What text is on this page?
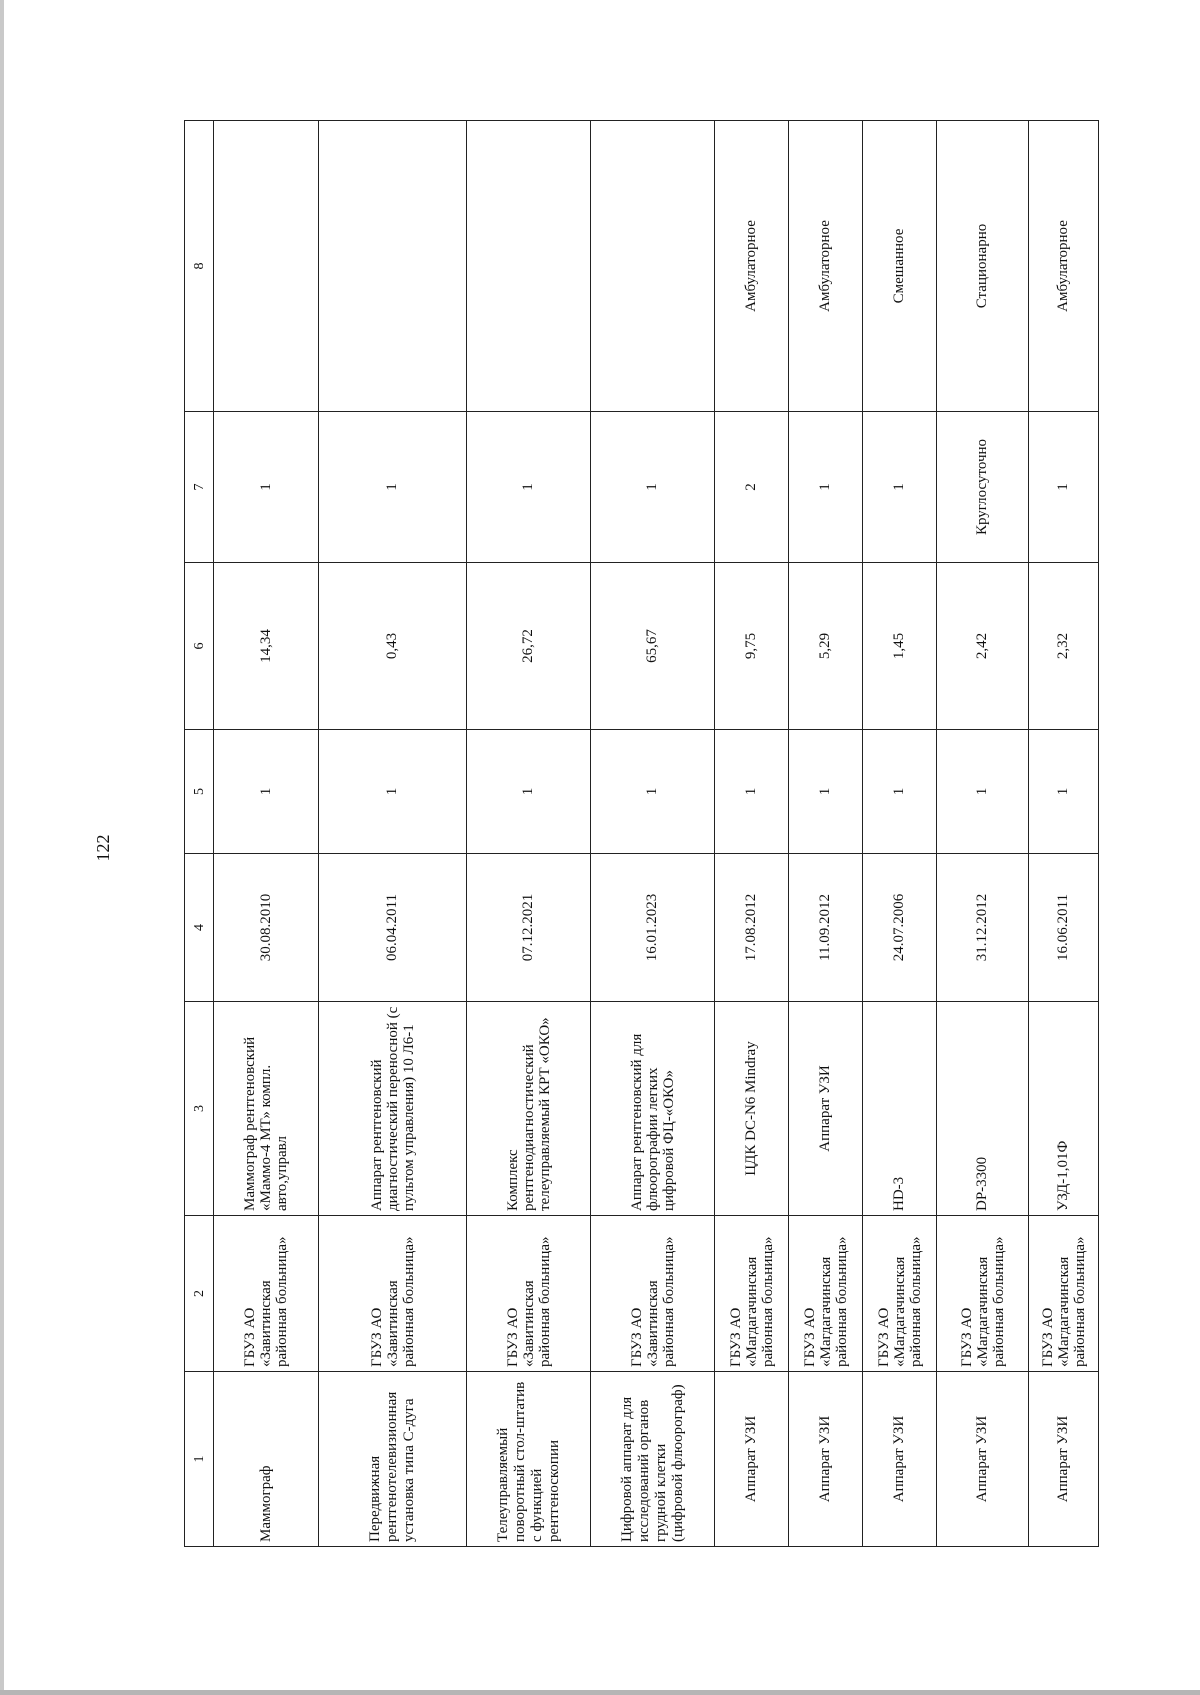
122
1	2	3	4	5	6	7	8
Маммограф	ГБУЗ АО «Завитинская районная больница»	Маммограф рентгеновский «Маммо-4 МТ» компл. авто,управл	30.08.2010	1	14,34	1	
Передвижная рентгенотелевизионная установка типа С-дуга	ГБУЗ АО «Завитинская районная больница»	Аппарат рентгеновский диагностический переносной (с пультом управления) 10 Л6-1	06.04.2011	1	0,43	1	
Телеуправляемый поворотный стол-штатив с функцией рентгеноскопии	ГБУЗ АО «Завитинская районная больница»	Комплекс рентгенодиагностический телеуправляемый КРТ «ОКО»	07.12.2021	1	26,72	1	
Цифровой аппарат для исследований органов грудной клетки (цифровой флюорограф)	ГБУЗ АО «Завитинская районная больница»	Аппарат рентгеновский для флюорографии легких цифровой ФЦ-«ОКО»	16.01.2023	1	65,67	1	
Аппарат УЗИ	ГБУЗ АО «Магдагачинская районная больница»	ЦДК DC-N6 Mindray	17.08.2012	1	9,75	2	Амбулаторное
Аппарат УЗИ	ГБУЗ АО «Магдагачинская районная больница»	Аппарат УЗИ	11.09.2012	1	5,29	1	Амбулаторное
Аппарат УЗИ	ГБУЗ АО «Магдагачинская районная больница»	HD-3	24.07.2006	1	1,45	1	Смешанное
Аппарат УЗИ	ГБУЗ АО «Магдагачинская районная больница»	DP-3300	31.12.2012	1	2,42	Круглосуточно	Стационарно
Аппарат УЗИ	ГБУЗ АО «Магдагачинская районная больница»	УЗД-1,01Ф	16.06.2011	1	2,32	1	Амбулаторное
